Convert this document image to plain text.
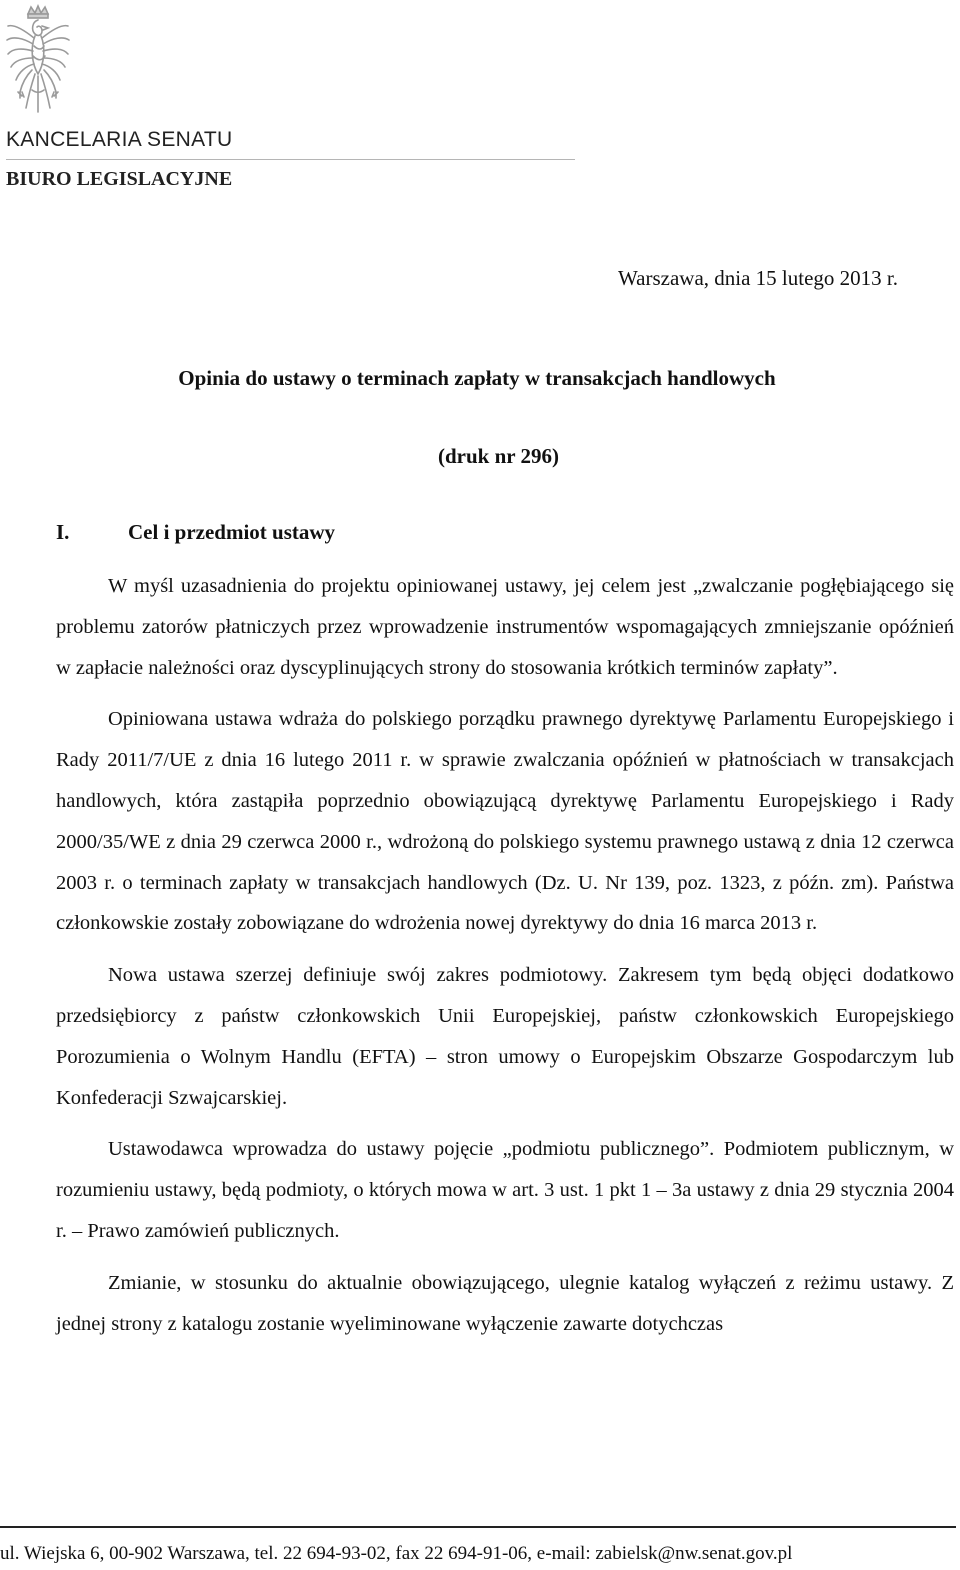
KANCELARIA SENATU
BIURO LEGISLACYJNE
Warszawa, dnia 15 lutego 2013 r.
Opinia do ustawy o terminach zapłaty w transakcjach handlowych
(druk nr 296)
I.	Cel i przedmiot ustawy

W myśl uzasadnienia do projektu opiniowanej ustawy, jej celem jest „zwalczanie pogłębiającego się problemu zatorów płatniczych przez wprowadzenie instrumentów wspomagających zmniejszanie opóźnień w zapłacie należności oraz dyscyplinujących strony do stosowania krótkich terminów zapłaty”.

Opiniowana ustawa wdraża do polskiego porządku prawnego dyrektywę Parlamentu Europejskiego i Rady 2011/7/UE z dnia 16 lutego 2011 r. w sprawie zwalczania opóźnień w płatnościach w transakcjach handlowych, która zastąpiła poprzednio obowiązującą dyrektywę Parlamentu Europejskiego i Rady 2000/35/WE z dnia 29 czerwca 2000 r., wdrożoną do polskiego systemu prawnego ustawą z dnia 12 czerwca 2003 r. o terminach zapłaty w transakcjach handlowych (Dz. U. Nr 139, poz. 1323, z późn. zm). Państwa członkowskie zostały zobowiązane do wdrożenia nowej dyrektywy do dnia 16 marca 2013 r.

Nowa ustawa szerzej definiuje swój zakres podmiotowy. Zakresem tym będą objęci dodatkowo przedsiębiorcy z państw członkowskich Unii Europejskiej, państw członkowskich Europejskiego Porozumienia o Wolnym Handlu (EFTA) – stron umowy o Europejskim Obszarze Gospodarczym lub Konfederacji Szwajcarskiej.

Ustawodawca wprowadza do ustawy pojęcie „podmiotu publicznego”. Podmiotem publicznym, w rozumieniu ustawy, będą podmioty, o których mowa w art. 3 ust. 1 pkt 1 – 3a ustawy z dnia 29 stycznia 2004 r. – Prawo zamówień publicznych.

Zmianie, w stosunku do aktualnie obowiązującego, ulegnie katalog wyłączeń z reżimu ustawy. Z jednej strony z katalogu zostanie wyeliminowane wyłączenie zawarte dotychczas

ul. Wiejska 6, 00-902 Warszawa, tel. 22 694-93-02, fax 22 694-91-06, e-mail: zabielsk@nw.senat.gov.pl
